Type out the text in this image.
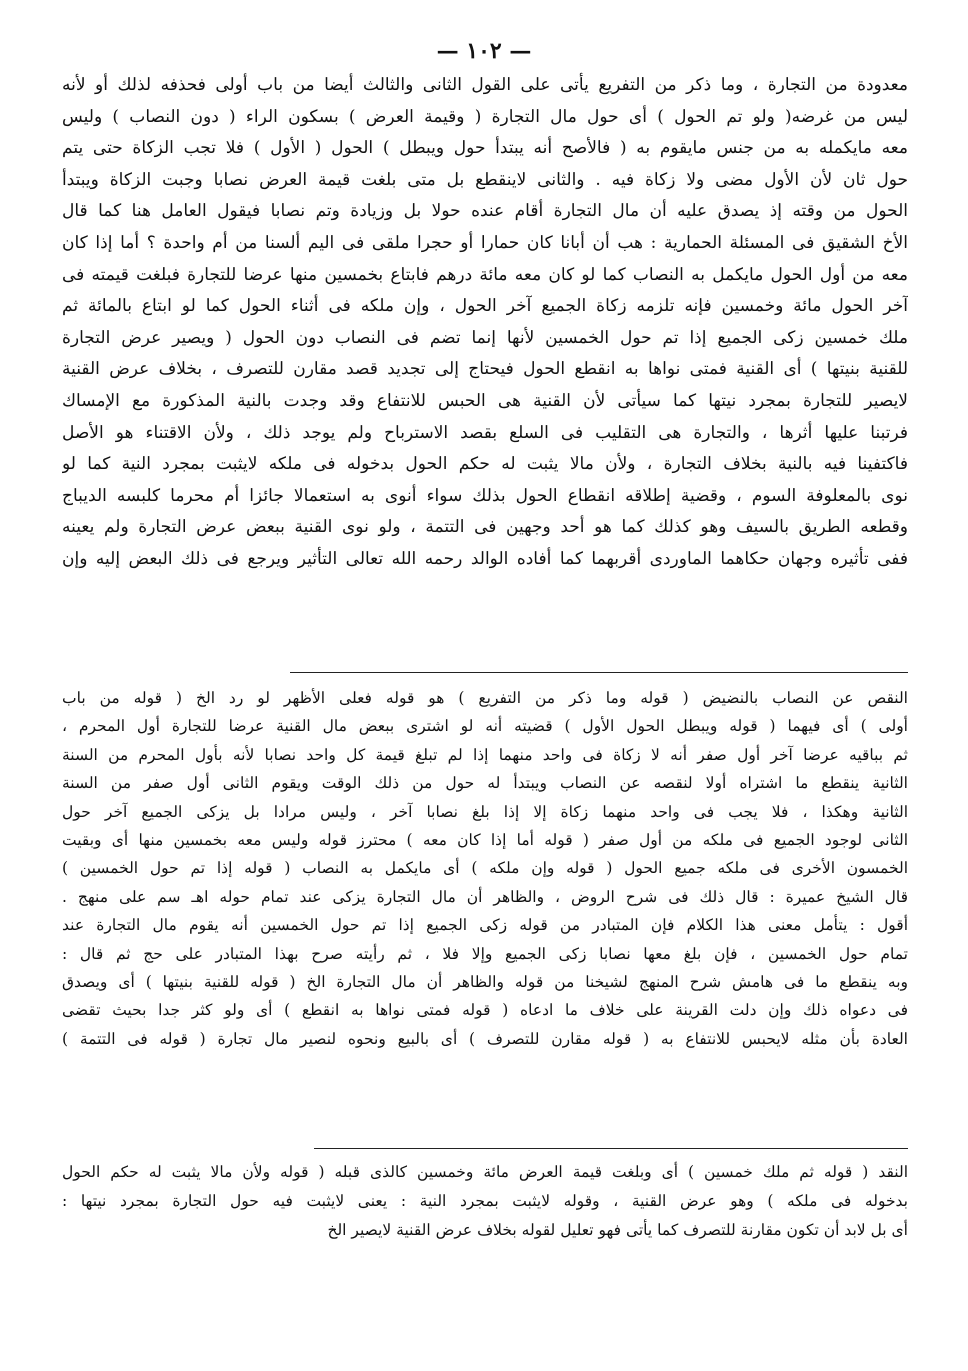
— ١٠٢ —
معدودة من التجارة ، وما ذكر من التفريع يأتى على القول الثانى والثالث أيضا من باب أولى فحذفه لذلك أو لأنه
ليس من غرضه( ولو تم الحول ) أى حول مال التجارة ( وقيمة العرض ) بسكون الراء ( دون النصاب ) وليس
معه مايكمله به من جنس مايقوم به ( فالأصح أنه يبتدأ حول ويبطل ) الحول ( الأول ) فلا تجب الزكاة حتى يتم
حول ثان لأن الأول مضى ولا زكاة فيه . والثانى لاينقطع بل متى بلغت قيمة العرض نصابا وجبت الزكاة ويبتدأ
الحول من وقته إذ يصدق عليه أن مال التجارة أقام عنده حولا بل وزيادة وتم نصابا فيقول العامل هنا كما قال
الأخ الشقيق فى المسئلة الحمارية : هب أن أبانا كان حمارا أو حجرا ملقى فى اليم ألسنا من أم واحدة ؟ أما إذا كان
معه من أول الحول مايكمل به النصاب كما لو كان معه مائة درهم فابتاع بخمسين منها عرضا للتجارة فبلغت قيمته فى
آخر الحول مائة وخمسين فإنه تلزمه زكاة الجميع آخر الحول ، وإن ملكه فى أثناء الحول كما لو ابتاع بالمائة ثم
ملك خمسين زكى الجميع إذا تم حول الخمسين لأنها إنما تضم فى النصاب دون الحول ( ويصير عرض التجارة
للقنية بنيتها ) أى القنية فمتى نواها به انقطع الحول فيحتاج إلى تجديد قصد مقارن للتصرف ، بخلاف عرض القنية
لايصير للتجارة بمجرد نيتها كما سيأتى لأن القنية هى الحبس للانتفاع وقد وجدت بالنية المذكورة مع الإمساك
فرتبنا عليها أثرها ، والتجارة هى التقليب فى السلع بقصد الاسترباح ولم يوجد ذلك ، ولأن الاقتناء هو الأصل
فاكتفينا فيه بالنية بخلاف التجارة ، ولأن مالا يثبت له حكم الحول بدخوله فى ملكه لايثبت بمجرد النية كما لو
نوى بالمعلوفة السوم ، وقضية إطلاقه انقطاع الحول بذلك سواء أنوى به استعمالا جائزا أم محرما كلبسه الديباج
وقطعه الطريق بالسيف وهو كذلك كما هو أحد وجهين فى التتمة ، ولو نوى القنية ببعض عرض التجارة ولم يعينه
ففى تأثيره وجهان حكاهما الماوردى أقربهما كما أفاده الوالد رحمه الله تعالى التأثير ويرجع فى ذلك البعض إليه وإن
النقص عن النصاب بالنضيض ( قوله وما ذكر من التفريع ) هو قوله فعلى الأظهر لو رد الخ ( قوله من باب
أولى ) أى فيهما ( قوله ويبطل الحول الأول ) قضيته أنه لو اشترى ببعض مال القنية عرضا للتجارة أول المحرم ،
ثم بباقيه عرضا آخر أول صفر أنه لا زكاة فى واحد منهما إذا لم تبلغ قيمة كل واحد نصابا لأنه بأول المحرم من السنة
الثانية ينقطع ما اشتراه أولا لنقصه عن النصاب ويبتدأ له حول من ذلك الوقت ويقوم الثانى أول صفر من السنة
الثانية وهكذا ، فلا يجب فى واحد منهما زكاة إلا إذا بلغ نصابا آخر ، وليس مرادا بل يزكى الجميع آخر حول
الثانى لوجود الجميع فى ملكه من أول صفر ( قوله أما إذا كان معه ) محترز قوله وليس معه بخمسين منها أى وبقيت
الخمسون الأخرى فى ملكه جميع الحول ( قوله وإن ملكه ) أى مايكمل به النصاب ( قوله إذا تم حول الخمسين )
قال الشيخ عميرة : قال ذلك فى شرح الروض ، والظاهر أن مال التجارة يزكى عند تمام حوله اهـ سم على منهج .
أقول : يتأمل معنى هذا الكلام فإن المتبادر من قوله زكى الجميع إذا تم حول الخمسين أنه يقوم مال التجارة عند
تمام حول الخمسين ، فإن بلغ معها نصابا زكى الجميع وإلا فلا ، ثم رأيته صرح بهذا المتبادر على حج ثم قال :
وبه ينقطع ما فى هامش شرح المنهج لشيخنا من قوله والظاهر أن مال التجارة الخ ( قوله للقنية بنيتها ) أى ويصدق
فى دعواه ذلك وإن دلت القرينة على خلاف ما ادعاه ( قوله فمتى نواها به انقطع ) أى ولو كثر جدا بحيث تقضى
العادة بأن مثله لايحبس للانتفاع به ( قوله مقارن للتصرف ) أى بالبيع ونحوه لنصير مال تجارة ( قوله فى التتمة )
النقد ( قوله ثم ملك خمسين ) أى وبلغت قيمة العرض مائة وخمسين كالذى قبله ( قوله ولأن مالا يثبت له حكم الحول
بدخوله فى ملكه ) وهو عرض القنية ، وقوله لايثبت بمجرد النية : يعنى لايثبت فيه حول التجارة بمجرد نيتها :
أى بل لابد أن تكون مقارنة للتصرف كما يأتى فهو تعليل لقوله بخلاف عرض القنية لايصير الخ
